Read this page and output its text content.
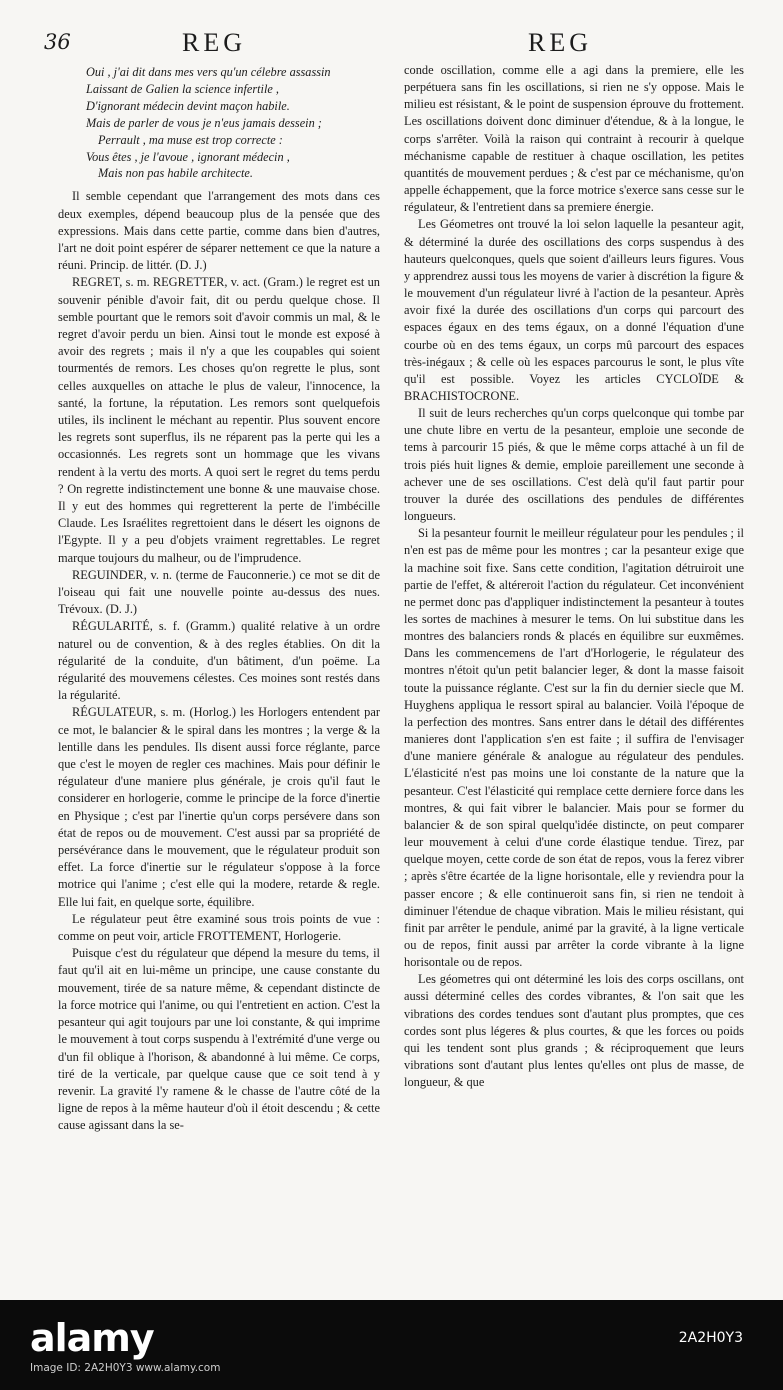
36	REG	REG
Oui , j'ai dit dans mes vers qu'un célebre assassin
Laissant de Galien la science infertile ,
D'ignorant médecin devint maçon habile.
Mais de parler de vous je n'eus jamais dessein ;
Perrault , ma muse est trop correcte :
Vous êtes , je l'avoue , ignorant médecin ,
Mais non pas habile architecte.

Il semble cependant que l'arrangement des mots dans ces deux exemples, dépend beaucoup plus de la pensée que des expressions. Mais dans cette partie, comme dans bien d'autres, l'art ne doit point espérer de séparer nettement ce que la nature a réuni. Princip. de littér. (D. J.)

REGRET, s. m. REGRETTER, v. act. (Gram.) le regret est un souvenir pénible d'avoir fait, dit ou perdu quelque chose. Il semble pourtant que le remors soit d'avoir commis un mal, & le regret d'avoir perdu un bien. Ainsi tout le monde est exposé à avoir des regrets ; mais il n'y a que les coupables qui soient tourmentés de remors. Les choses qu'on regrette le plus, sont celles auxquelles on attache le plus de valeur, l'innocence, la santé, la fortune, la réputation. Les remors sont quelquefois utiles, ils inclinent le méchant au repentir. Plus souvent encore les regrets sont superflus, ils ne réparent pas la perte qui les a occasionnés. Les regrets sont un hommage que les vivans rendent à la vertu des morts. A quoi sert le regret du tems perdu ? On regrette indistinctement une bonne & une mauvaise chose. Il y eut des hommes qui regretterent la perte de l'imbécille Claude. Les Israélites regrettoient dans le désert les oignons de l'Egypte. Il y a peu d'objets vraiment regrettables. Le regret marque toujours du malheur, ou de l'imprudence.

REGUINDER, v. n. (terme de Fauconnerie.) ce mot se dit de l'oiseau qui fait une nouvelle pointe au-dessus des nues. Trévoux. (D. J.)

RÉGULARITÉ, s. f. (Gramm.) qualité relative à un ordre naturel ou de convention, & à des regles établies. On dit la régularité de la conduite, d'un bâtiment, d'un poëme. La régularité des mouvemens célestes. Ces moines sont restés dans la régularité.

RÉGULATEUR, s. m. (Horlog.) les Horlogers entendent par ce mot, le balancier & le spiral dans les montres ; la verge & la lentille dans les pendules. Ils disent aussi force réglante, parce que c'est le moyen de regler ces machines. Mais pour définir le régulateur d'une maniere plus générale, je crois qu'il faut le considerer en horlogerie, comme le principe de la force d'inertie en Physique ; c'est par l'inertie qu'un corps persévere dans son état de repos ou de mouvement. C'est aussi par sa propriété de persévérance dans le mouvement, que le régulateur produit son effet. La force d'inertie sur le régulateur s'oppose à la force motrice qui l'anime ; c'est elle qui la modere, retarde & regle. Elle lui fait, en quelque sorte, équilibre.

Le régulateur peut être examiné sous trois points de vue : comme on peut voir, article FROTTEMENT, Horlogerie.

Puisque c'est du régulateur que dépend la mesure du tems, il faut qu'il ait en lui-même un principe, une cause constante du mouvement, tirée de sa nature même, & cependant distincte de la force motrice qui l'anime, ou qui l'entretient en action. C'est la pesanteur qui agit toujours par une loi constante, & qui imprime le mouvement à tout corps suspendu à l'extrémité d'une verge ou d'un fil oblique à l'horison, & abandonné à lui même. Ce corps, tiré de la verticale, par quelque cause que ce soit tend à y revenir. La gravité l'y ramene & le chasse de l'autre côté de la ligne de repos à la même hauteur d'où il étoit descendu ; & cette cause agissant dans la se-

conde oscillation, comme elle a agi dans la premiere, elle les perpétuera sans fin les oscillations, si rien ne s'y oppose. Mais le milieu est résistant, & le point de suspension éprouve du frottement. Les oscillations doivent donc diminuer d'étendue, & à la longue, le corps s'arrêter. Voilà la raison qui contraint à recourir à quelque méchanisme capable de restituer à chaque oscillation, les petites quantités de mouvement perdues ; & c'est par ce méchanisme, qu'on appelle échappement, que la force motrice s'exerce sans cesse sur le régulateur, & l'entretient dans sa premiere énergie.

Les Géometres ont trouvé la loi selon laquelle la pesanteur agit, & déterminé la durée des oscillations des corps suspendus à des hauteurs quelconques, quels que soient d'ailleurs leurs figures. Vous y apprendrez aussi tous les moyens de varier à discrétion la figure & le mouvement d'un régulateur livré à l'action de la pesanteur. Après avoir fixé la durée des oscillations d'un corps qui parcourt des espaces égaux en des tems égaux, on a donné l'équation d'une courbe où en des tems égaux, un corps mû parcourt des espaces très-inégaux ; & celle où les espaces parcourus le sont, le plus vîte qu'il est possible. Voyez les articles CYCLOÏDE & BRACHISTOCRONE.

Il suit de leurs recherches qu'un corps quelconque qui tombe par une chute libre en vertu de la pesanteur, emploie une seconde de tems à parcourir 15 piés, & que le même corps attaché à un fil de trois piés huit lignes & demie, emploie pareillement une seconde à achever une de ses oscillations. C'est delà qu'il faut partir pour trouver la durée des oscillations des pendules de différentes longueurs.

Si la pesanteur fournit le meilleur régulateur pour les pendules ; il n'en est pas de même pour les montres ; car la pesanteur exige que la machine soit fixe. Sans cette condition, l'agitation détruiroit une partie de l'effet, & altéreroit l'action du régulateur. Cet inconvénient ne permet donc pas d'appliquer indistinctement la pesanteur à toutes les sortes de machines à mesurer le tems. On lui substitue dans les montres des balanciers ronds & placés en équilibre sur euxmêmes. Dans les commencemens de l'art d'Horlogerie, le régulateur des montres n'étoit qu'un petit balancier leger, & dont la masse faisoit toute la puissance réglante. C'est sur la fin du dernier siecle que M. Huyghens appliqua le ressort spiral au balancier. Voilà l'époque de la perfection des montres. Sans entrer dans le détail des différentes manieres dont l'application s'en est faite ; il suffira de l'envisager d'une maniere générale & analogue au régulateur des pendules. L'élasticité n'est pas moins une loi constante de la nature que la pesanteur. C'est l'élasticité qui remplace cette derniere force dans les montres, & qui fait vibrer le balancier. Mais pour se former du balancier & de son spiral quelqu'idée distincte, on peut comparer leur mouvement à celui d'une corde élastique tendue. Tirez, par quelque moyen, cette corde de son état de repos, vous la ferez vibrer ; après s'être écartée de la ligne horisontale, elle y reviendra pour la passer encore ; & elle continueroit sans fin, si rien ne tendoit à diminuer l'étendue de chaque vibration. Mais le milieu résistant, qui finit par arrêter le pendule, animé par la gravité, à la ligne verticale ou de repos, finit aussi par arrêter la corde vibrante à la ligne horisontale ou de repos.

Les géometres qui ont déterminé les lois des corps oscillans, ont aussi déterminé celles des cordes vibrantes, & l'on sait que les vibrations des cordes tendues sont d'autant plus promptes, que ces cordes sont plus légeres & plus courtes, & que les forces ou poids qui les tendent sont plus grands ; & réciproquement que leurs vibrations sont d'autant plus lentes qu'elles ont plus de masse, de longueur, & que

alamy	2A2H0Y3
Image ID: 2A2H0Y3 www.alamy.com
